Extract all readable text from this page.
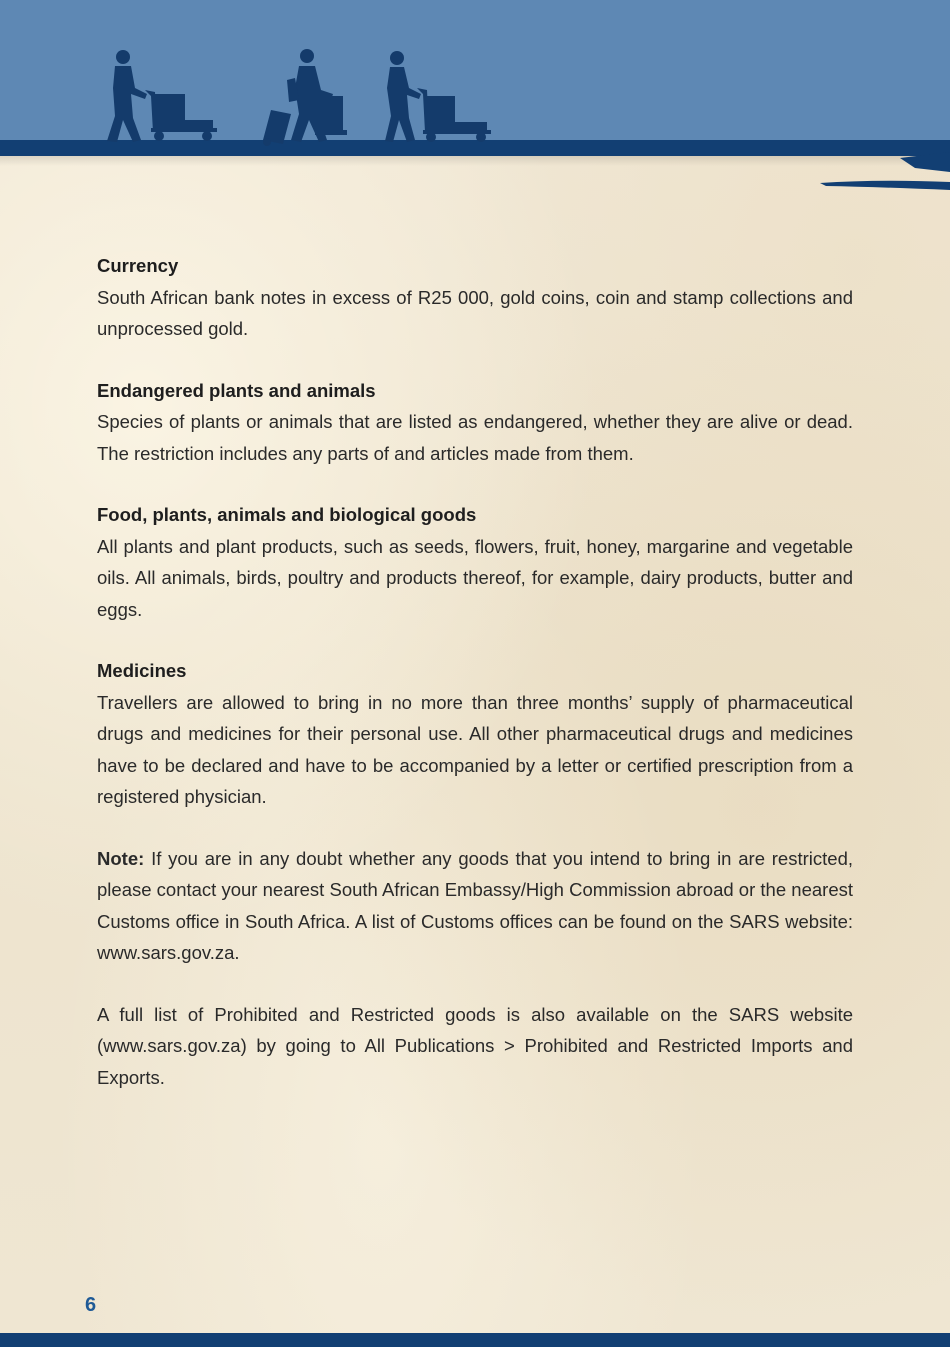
Currency

South African bank notes in excess of R25 000, gold coins, coin and stamp collections and unprocessed gold.

Endangered plants and animals

Species of plants or animals that are listed as endangered, whether they are alive or dead. The restriction includes any parts of and articles made from them.

Food, plants, animals and biological goods

All plants and plant products, such as seeds, flowers, fruit, honey, margarine and vegetable oils. All animals, birds, poultry and products thereof, for example, dairy products, butter and eggs.

Medicines

Travellers are allowed to bring in no more than three months’ supply of pharmaceutical drugs and medicines for their personal use. All other pharmaceutical drugs and medicines have to be declared and have to be accompanied by a letter or certified prescription from a registered physician.

Note: If you are in any doubt whether any goods that you intend to bring in are restricted, please contact your nearest South African Embassy/High Commission abroad or the nearest Customs office in South Africa. A list of Customs offices can be found on the SARS website: www.sars.gov.za.

A full list of Prohibited and Restricted goods is also available on the SARS website (www.sars.gov.za) by going to All Publications > Prohibited and Restricted Imports and Exports.

6
